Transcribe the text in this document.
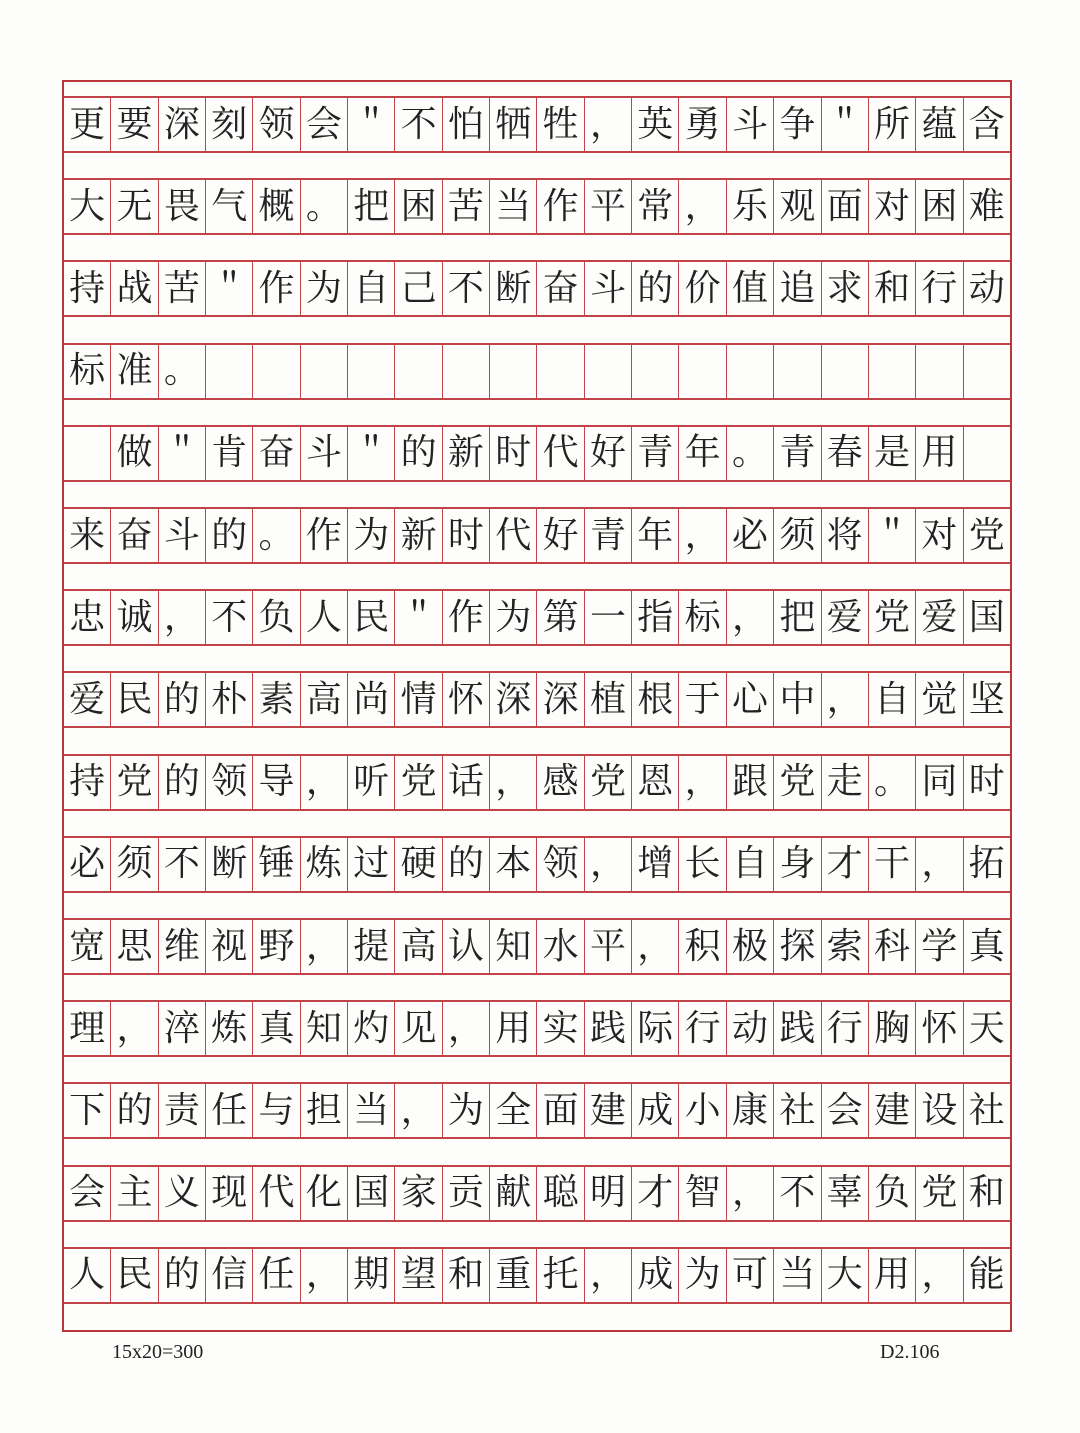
更 要 深 刻 领 会 ＂ 不 怕 牺 牲 ， 英 勇 斗 争 ＂ 所 蕴 含
大 无 畏 气 概 。 把 困 苦 当 作 平 常 ， 乐 观 面 对 困 难
持 战 苦 ＂ 作 为 自 己 不 断 奋 斗 的 价 值 追 求 和 行 动
标 准 。
做 ＂ 肯 奋 斗 ＂ 的 新 时 代 好 青 年 。 青 春 是 用
来 奋 斗 的 。 作 为 新 时 代 好 青 年 ， 必 须 将 ＂ 对 党
忠 诚 ， 不 负 人 民 ＂ 作 为 第 一 指 标 ， 把 爱 党 爱 国
爱 民 的 朴 素 高 尚 情 怀 深 深 植 根 于 心 中 ， 自 觉 坚
持 党 的 领 导 ， 听 党 话 ， 感 党 恩 ， 跟 党 走 。 同 时
必 须 不 断 锤 炼 过 硬 的 本 领 ， 增 长 自 身 才 干 ， 拓
宽 思 维 视 野 ， 提 高 认 知 水 平 ， 积 极 探 索 科 学 真
理 ， 淬 炼 真 知 灼 见 ， 用 实 践 际 行 动 践 行 胸 怀 天
下 的 责 任 与 担 当 ， 为 全 面 建 成 小 康 社 会 建 设 社
会 主 义 现 代 化 国 家 贡 献 聪 明 才 智 ， 不 辜 负 党 和
人 民 的 信 任 ， 期 望 和 重 托 ， 成 为 可 当 大 用 ， 能
15x20=300	D2.106
